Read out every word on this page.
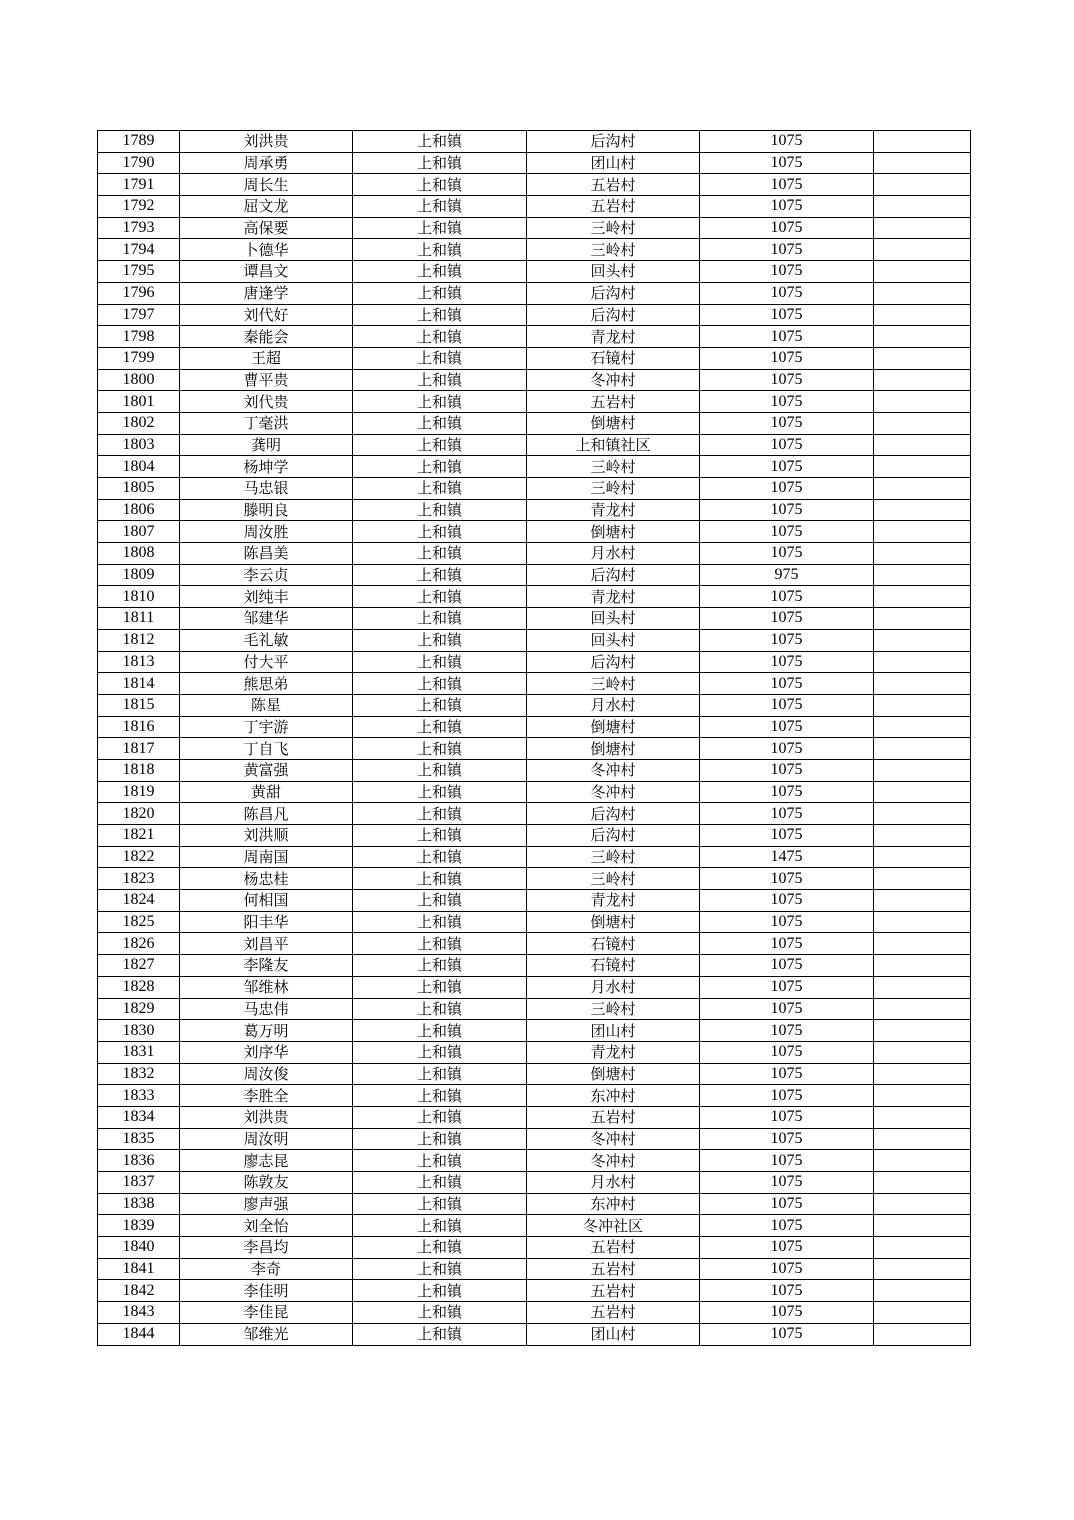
1789	刘洪贵	上和镇	后沟村	1075	
1790	周承勇	上和镇	团山村	1075	
1791	周长生	上和镇	五岩村	1075	
1792	屈文龙	上和镇	五岩村	1075	
1793	高保要	上和镇	三岭村	1075	
1794	卜德华	上和镇	三岭村	1075	
1795	谭昌文	上和镇	回头村	1075	
1796	唐逢学	上和镇	后沟村	1075	
1797	刘代好	上和镇	后沟村	1075	
1798	秦能会	上和镇	青龙村	1075	
1799	王超	上和镇	石镜村	1075	
1800	曹平贵	上和镇	冬冲村	1075	
1801	刘代贵	上和镇	五岩村	1075	
1802	丁毫洪	上和镇	倒塘村	1075	
1803	龚明	上和镇	上和镇社区	1075	
1804	杨坤学	上和镇	三岭村	1075	
1805	马忠银	上和镇	三岭村	1075	
1806	滕明良	上和镇	青龙村	1075	
1807	周汝胜	上和镇	倒塘村	1075	
1808	陈昌美	上和镇	月水村	1075	
1809	李云贞	上和镇	后沟村	975	
1810	刘纯丰	上和镇	青龙村	1075	
1811	邹建华	上和镇	回头村	1075	
1812	毛礼敏	上和镇	回头村	1075	
1813	付大平	上和镇	后沟村	1075	
1814	熊思弟	上和镇	三岭村	1075	
1815	陈星	上和镇	月水村	1075	
1816	丁宇游	上和镇	倒塘村	1075	
1817	丁自飞	上和镇	倒塘村	1075	
1818	黄富强	上和镇	冬冲村	1075	
1819	黄甜	上和镇	冬冲村	1075	
1820	陈昌凡	上和镇	后沟村	1075	
1821	刘洪顺	上和镇	后沟村	1075	
1822	周南国	上和镇	三岭村	1475	
1823	杨忠桂	上和镇	三岭村	1075	
1824	何相国	上和镇	青龙村	1075	
1825	阳丰华	上和镇	倒塘村	1075	
1826	刘昌平	上和镇	石镜村	1075	
1827	李隆友	上和镇	石镜村	1075	
1828	邹维林	上和镇	月水村	1075	
1829	马忠伟	上和镇	三岭村	1075	
1830	葛万明	上和镇	团山村	1075	
1831	刘序华	上和镇	青龙村	1075	
1832	周汝俊	上和镇	倒塘村	1075	
1833	李胜全	上和镇	东冲村	1075	
1834	刘洪贵	上和镇	五岩村	1075	
1835	周汝明	上和镇	冬冲村	1075	
1836	廖志昆	上和镇	冬冲村	1075	
1837	陈敦友	上和镇	月水村	1075	
1838	廖声强	上和镇	东冲村	1075	
1839	刘全怡	上和镇	冬冲社区	1075	
1840	李昌均	上和镇	五岩村	1075	
1841	李奇	上和镇	五岩村	1075	
1842	李佳明	上和镇	五岩村	1075	
1843	李佳昆	上和镇	五岩村	1075	
1844	邹维光	上和镇	团山村	1075	
